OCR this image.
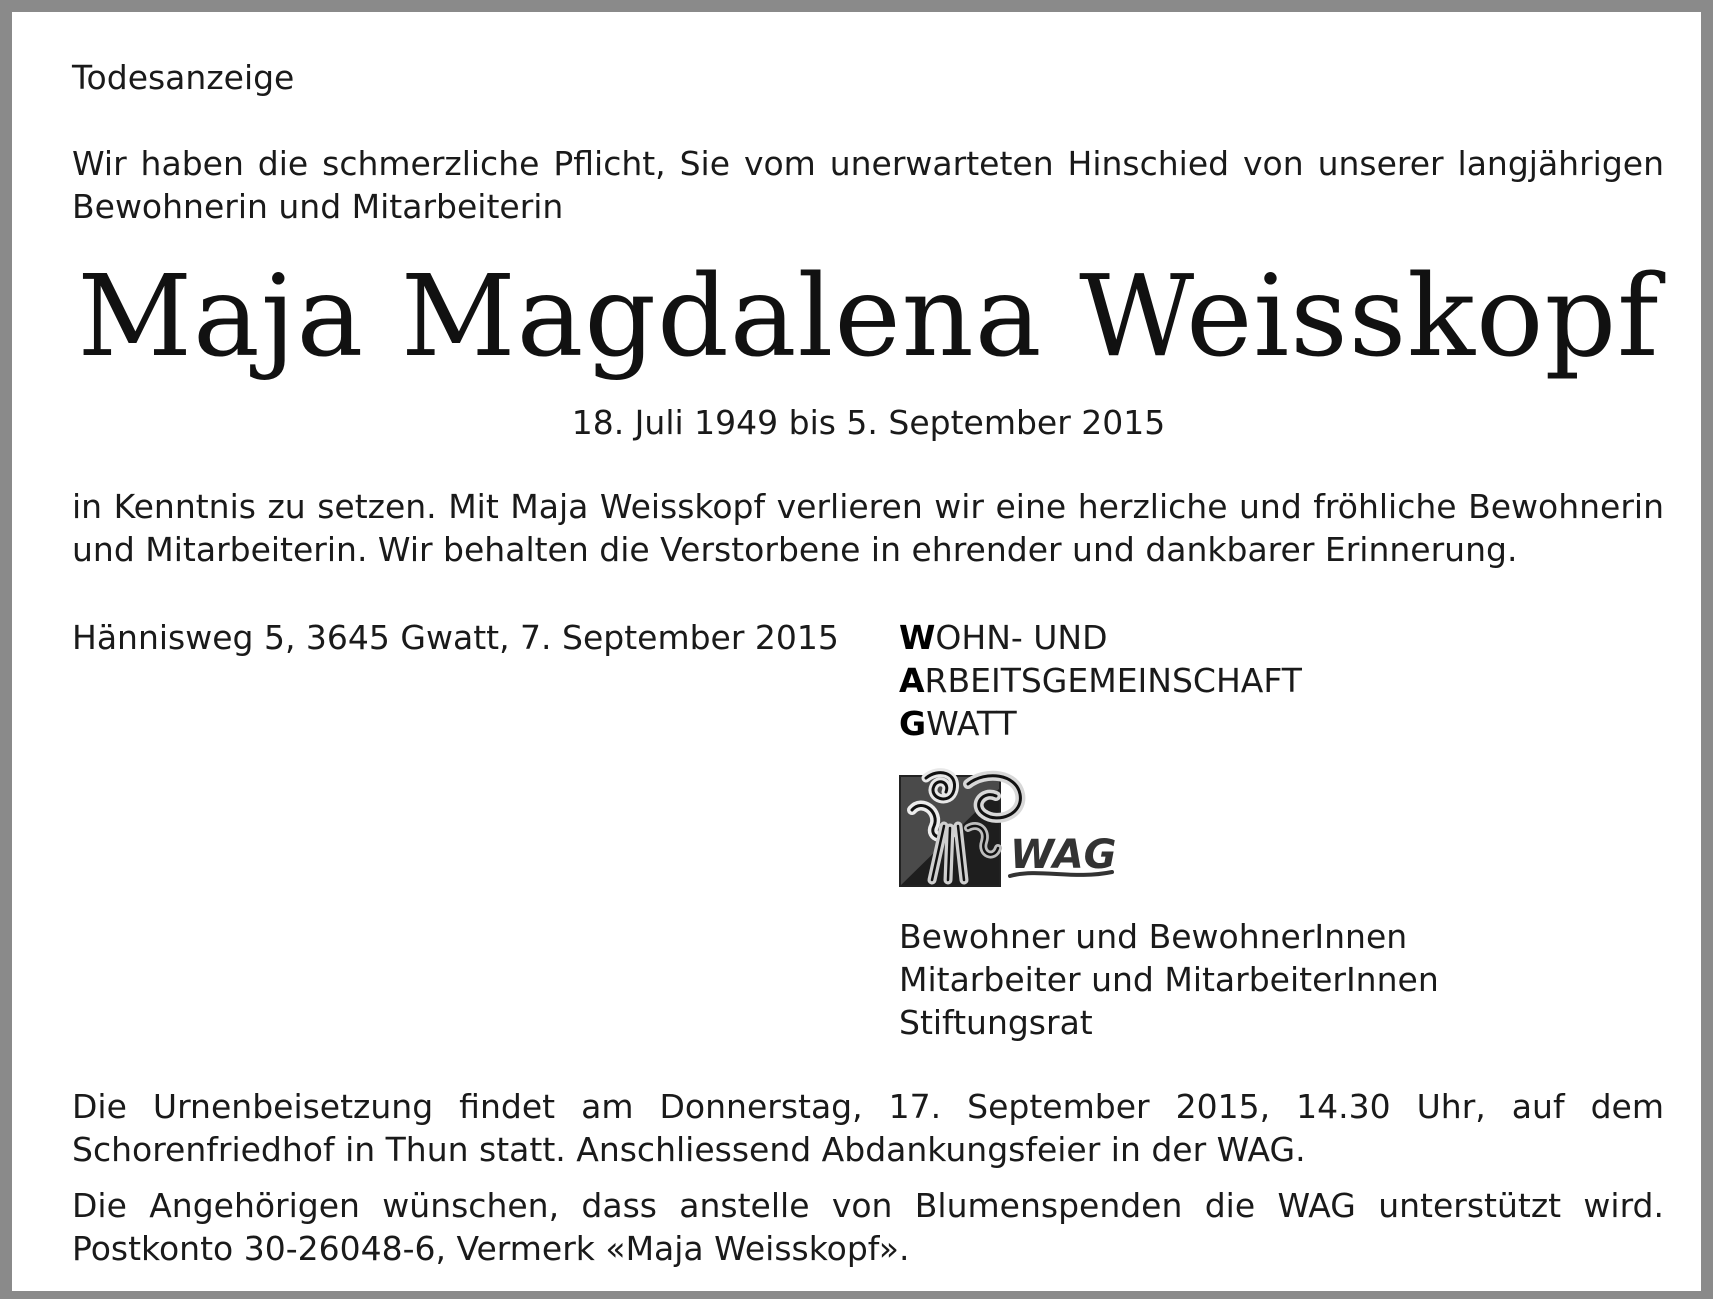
Todesanzeige
Wir haben die schmerzliche Pflicht, Sie vom unerwarteten Hinschied von unserer langjährigen Bewohnerin und Mitarbeiterin
Maja Magdalena Weisskopf
18. Juli 1949 bis 5. September 2015
in Kenntnis zu setzen. Mit Maja Weisskopf verlieren wir eine herzliche und fröhliche Bewohnerin und Mitarbeiterin. Wir behalten die Verstorbene in ehrender und dankbarer Erinnerung.
Hännisweg 5, 3645 Gwatt, 7. September 2015 WOHN- UND
ARBEITSGEMEINSCHAFT
GWATT
WAG
Bewohner und BewohnerInnen
Mitarbeiter und MitarbeiterInnen
Stiftungsrat
Die Urnenbeisetzung findet am Donnerstag, 17. September 2015, 14.30 Uhr, auf dem Schorenfriedhof in Thun statt. Anschliessend Abdankungsfeier in der WAG.
Die Angehörigen wünschen, dass anstelle von Blumenspenden die WAG unterstützt wird. Postkonto 30-26048-6, Vermerk «Maja Weisskopf».
